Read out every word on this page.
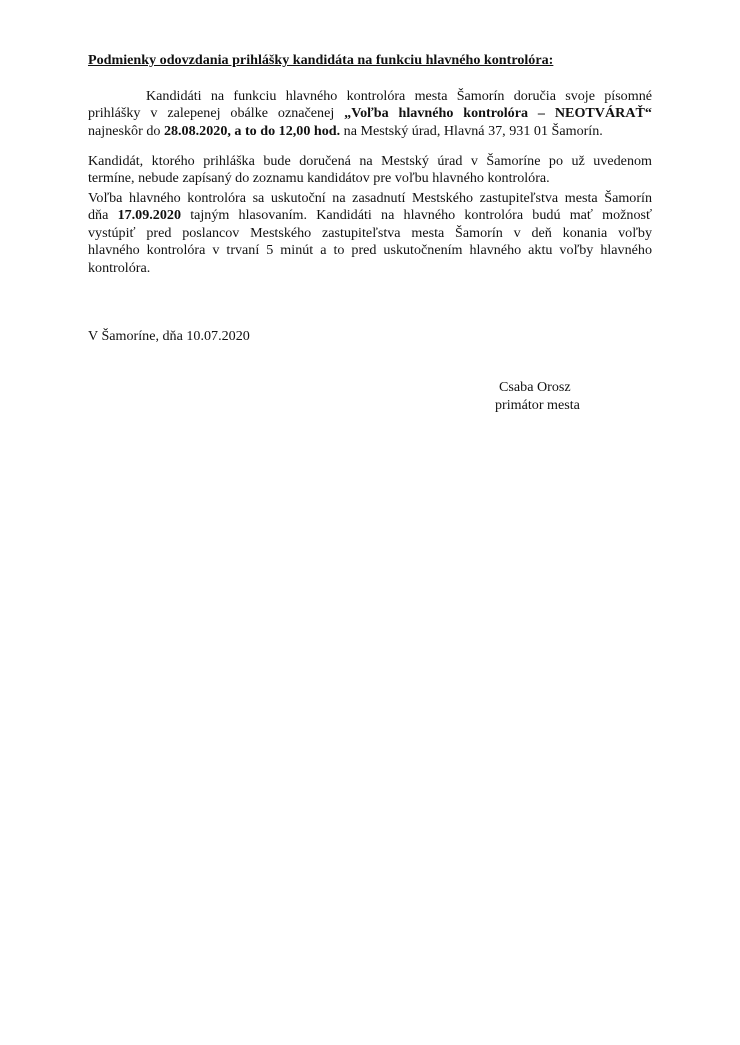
Podmienky odovzdania prihlášky kandidáta na funkciu hlavného kontrolóra:
Kandidáti na funkciu hlavného kontrolóra mesta Šamorín doručia svoje písomné
prihlášky v zalepenej obálke označenej „Voľba hlavného kontrolóra – NEOTVÁRAŤ“
najneskôr do 28.08.2020, a to do 12,00 hod. na Mestský úrad, Hlavná 37, 931 01 Šamorín.
Kandidát, ktorého prihláška bude doručená na Mestský úrad v Šamoríne po už uvedenom
termíne, nebude zapísaný do zoznamu kandidátov pre voľbu hlavného kontrolóra.
Voľba hlavného kontrolóra sa uskutoční na zasadnutí Mestského zastupiteľstva mesta Šamorín
dňa 17.09.2020 tajným hlasovaním. Kandidáti na hlavného kontrolóra budú mať možnosť
vystúpiť pred poslancov Mestského zastupiteľstva mesta Šamorín v deň konania voľby
hlavného kontrolóra v trvaní 5 minút a to pred uskutočnením hlavného aktu voľby hlavného
kontrolóra.
V Šamoríne, dňa 10.07.2020
Csaba Orosz
primátor mesta
